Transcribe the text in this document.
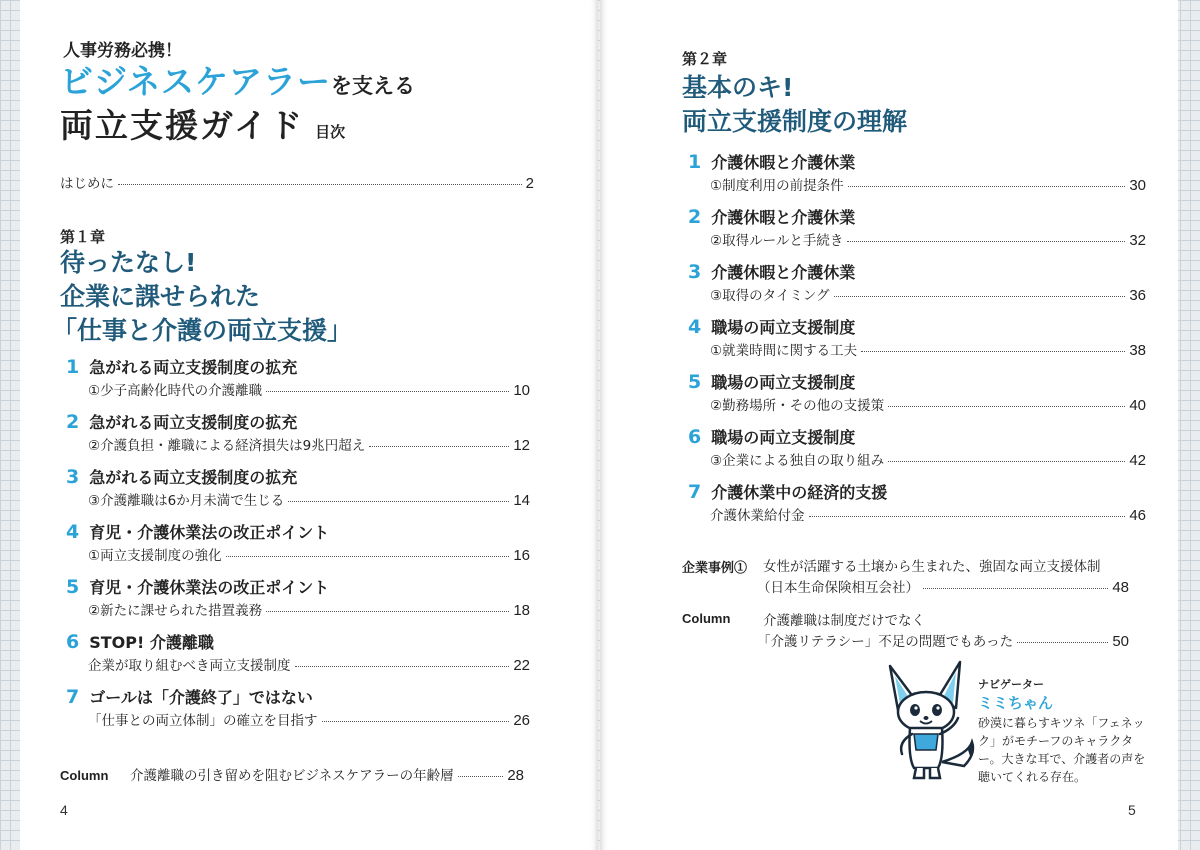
人事労務必携！
ビジネスケアラーを支える
両立支援ガイド 目次
はじめに	2
第１章
待ったなし!
企業に課せられた
「仕事と介護の両立支援」
1 急がれる両立支援制度の拡充
①少子高齢化時代の介護離職	10
2 急がれる両立支援制度の拡充
②介護負担・離職による経済損失は9兆円超え	12
3 急がれる両立支援制度の拡充
③介護離職は6か月未満で生じる	14
4 育児・介護休業法の改正ポイント
①両立支援制度の強化	16
5 育児・介護休業法の改正ポイント
②新たに課せられた措置義務	18
6 STOP! 介護離職
企業が取り組むべき両立支援制度	22
7 ゴールは「介護終了」ではない
「仕事との両立体制」の確立を目指す	26
Column	介護離職の引き留めを阻むビジネスケアラーの年齢層	28
4
第２章
基本のキ!
両立支援制度の理解
1 介護休暇と介護休業
①制度利用の前提条件	30
2 介護休暇と介護休業
②取得ルールと手続き	32
3 介護休暇と介護休業
③取得のタイミング	36
4 職場の両立支援制度
①就業時間に関する工夫	38
5 職場の両立支援制度
②勤務場所・その他の支援策	40
6 職場の両立支援制度
③企業による独自の取り組み	42
7 介護休業中の経済的支援
介護休業給付金	46
企業事例① 女性が活躍する土壌から生まれた、強固な両立支援体制
（日本生命保険相互会社）	48
Column 介護離職は制度だけでなく
「介護リテラシー」不足の問題でもあった	50
ナビゲーター
ミミちゃん
砂漠に暮らすキツネ「フェネック」がモチーフのキャラクター。大きな耳で、介護者の声を聴いてくれる存在。
5
